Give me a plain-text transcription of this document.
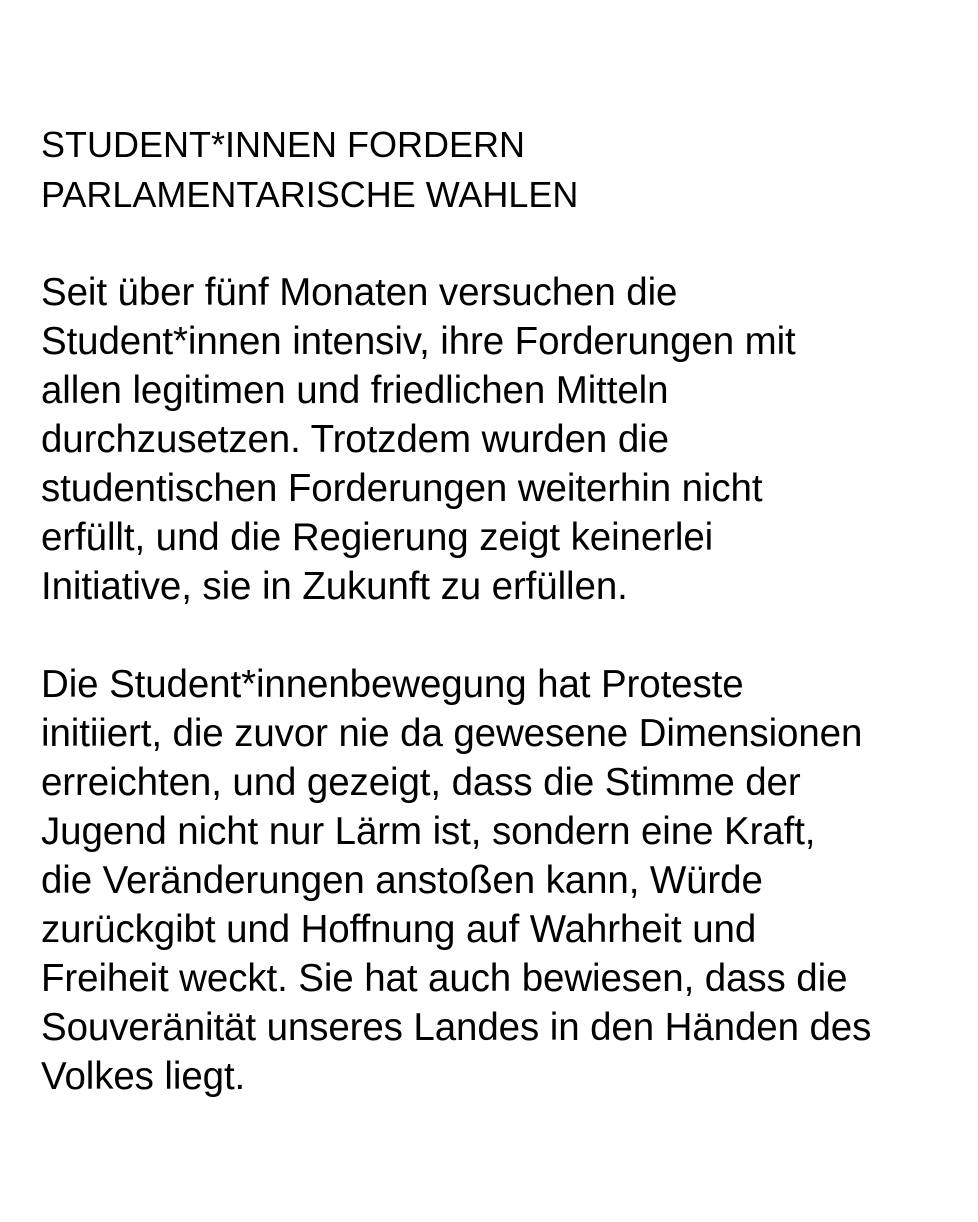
STUDENT*INNEN FORDERN
PARLAMENTARISCHE WAHLEN
Seit über fünf Monaten versuchen die
Student*innen intensiv, ihre Forderungen mit
allen legitimen und friedlichen Mitteln
durchzusetzen. Trotzdem wurden die
studentischen Forderungen weiterhin nicht
erfüllt, und die Regierung zeigt keinerlei
Initiative, sie in Zukunft zu erfüllen.
Die Student*innenbewegung hat Proteste
initiiert, die zuvor nie da gewesene Dimensionen
erreichten, und gezeigt, dass die Stimme der
Jugend nicht nur Lärm ist, sondern eine Kraft,
die Veränderungen anstoßen kann, Würde
zurückgibt und Hoffnung auf Wahrheit und
Freiheit weckt. Sie hat auch bewiesen, dass die
Souveränität unseres Landes in den Händen des
Volkes liegt.
